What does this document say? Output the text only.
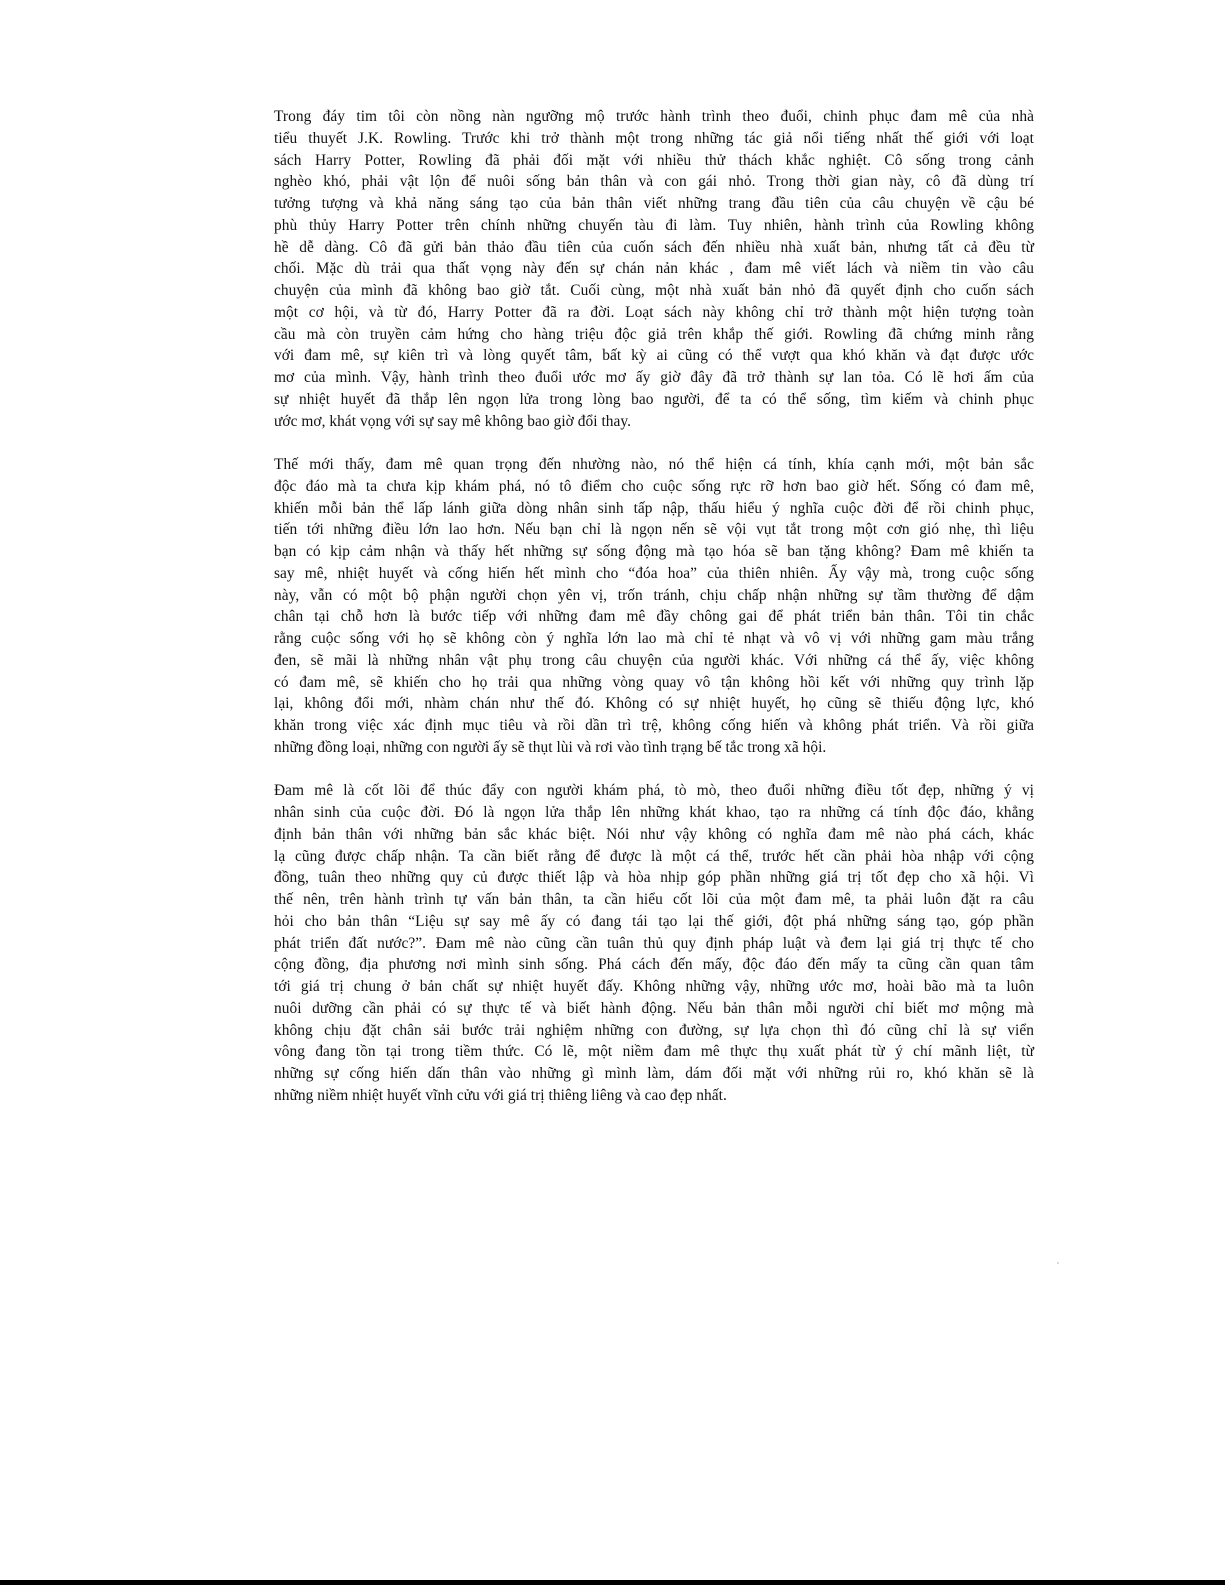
Trong đáy tim tôi còn nồng nàn ngưỡng mộ trước hành trình theo đuổi, chinh phục đam mê của nhà
tiểu thuyết J.K. Rowling. Trước khi trở thành một trong những tác giả nổi tiếng nhất thế giới với loạt
sách Harry Potter, Rowling đã phải đối mặt với nhiều thử thách khắc nghiệt. Cô sống trong cảnh
nghèo khó, phải vật lộn để nuôi sống bản thân và con gái nhỏ. Trong thời gian này, cô đã dùng trí
tưởng tượng và khả năng sáng tạo của bản thân viết những trang đầu tiên của câu chuyện về cậu bé
phù thủy Harry Potter trên chính những chuyến tàu đi làm. Tuy nhiên, hành trình của Rowling không
hề dễ dàng. Cô đã gửi bản thảo đầu tiên của cuốn sách đến nhiều nhà xuất bản, nhưng tất cả đều từ
chối. Mặc dù trải qua thất vọng này đến sự chán nản khác , đam mê viết lách và niềm tin vào câu
chuyện của mình đã không bao giờ tắt. Cuối cùng, một nhà xuất bản nhỏ đã quyết định cho cuốn sách
một cơ hội, và từ đó, Harry Potter đã ra đời. Loạt sách này không chỉ trở thành một hiện tượng toàn
cầu mà còn truyền cảm hứng cho hàng triệu độc giả trên khắp thế giới. Rowling đã chứng minh rằng
với đam mê, sự kiên trì và lòng quyết tâm, bất kỳ ai cũng có thể vượt qua khó khăn và đạt được ước
mơ của mình. Vậy, hành trình theo đuổi ước mơ ấy giờ đây đã trở thành sự lan tỏa. Có lẽ hơi ấm của
sự nhiệt huyết đã thắp lên ngọn lửa trong lòng bao người, để ta có thể sống, tìm kiếm và chinh phục
ước mơ, khát vọng với sự say mê không bao giờ đổi thay.

Thế mới thấy, đam mê quan trọng đến nhường nào, nó thể hiện cá tính, khía cạnh mới, một bản sắc
độc đáo mà ta chưa kịp khám phá, nó tô điểm cho cuộc sống rực rỡ hơn bao giờ hết. Sống có đam mê,
khiến mỗi bản thể lấp lánh giữa dòng nhân sinh tấp nập, thấu hiểu ý nghĩa cuộc đời để rồi chinh phục,
tiến tới những điều lớn lao hơn. Nếu bạn chỉ là ngọn nến sẽ vội vụt tắt trong một cơn gió nhẹ, thì liệu
bạn có kịp cảm nhận và thấy hết những sự sống động mà tạo hóa sẽ ban tặng không? Đam mê khiến ta
say mê, nhiệt huyết và cống hiến hết mình cho “đóa hoa” của thiên nhiên. Ấy vậy mà, trong cuộc sống
này, vẫn có một bộ phận người chọn yên vị, trốn tránh, chịu chấp nhận những sự tầm thường để dậm
chân tại chỗ hơn là bước tiếp với những đam mê đầy chông gai để phát triển bản thân. Tôi tin chắc
rằng cuộc sống với họ sẽ không còn ý nghĩa lớn lao mà chỉ tẻ nhạt và vô vị với những gam màu trắng
đen, sẽ mãi là những nhân vật phụ trong câu chuyện của người khác. Với những cá thể ấy, việc không
có đam mê, sẽ khiến cho họ trải qua những vòng quay vô tận không hồi kết với những quy trình lặp
lại, không đổi mới, nhàm chán như thế đó. Không có sự nhiệt huyết, họ cũng sẽ thiếu động lực, khó
khăn trong việc xác định mục tiêu và rồi dần trì trệ, không cống hiến và không phát triển. Và rồi giữa
những đồng loại, những con người ấy sẽ thụt lùi và rơi vào tình trạng bế tắc trong xã hội.

Đam mê là cốt lõi để thúc đẩy con người khám phá, tò mò, theo đuổi những điều tốt đẹp, những ý vị
nhân sinh của cuộc đời. Đó là ngọn lửa thắp lên những khát khao, tạo ra những cá tính độc đáo, khẳng
định bản thân với những bản sắc khác biệt. Nói như vậy không có nghĩa đam mê nào phá cách, khác
lạ cũng được chấp nhận. Ta cần biết rằng để được là một cá thể, trước hết cần phải hòa nhập với cộng
đồng, tuân theo những quy củ được thiết lập và hòa nhịp góp phần những giá trị tốt đẹp cho xã hội. Vì
thế nên, trên hành trình tự vấn bản thân, ta cần hiểu cốt lõi của một đam mê, ta phải luôn đặt ra câu
hỏi cho bản thân “Liệu sự say mê ấy có đang tái tạo lại thế giới, đột phá những sáng tạo, góp phần
phát triển đất nước?”. Đam mê nào cũng cần tuân thủ quy định pháp luật và đem lại giá trị thực tế cho
cộng đồng, địa phương nơi mình sinh sống. Phá cách đến mấy, độc đáo đến mấy ta cũng cần quan tâm
tới giá trị chung ở bản chất sự nhiệt huyết đấy. Không những vậy, những ước mơ, hoài bão mà ta luôn
nuôi dưỡng cần phải có sự thực tế và biết hành động. Nếu bản thân mỗi người chỉ biết mơ mộng mà
không chịu đặt chân sải bước trải nghiệm những con đường, sự lựa chọn thì đó cũng chỉ là sự viển
vông đang tồn tại trong tiềm thức. Có lẽ, một niềm đam mê thực thụ xuất phát từ ý chí mãnh liệt, từ
những sự cống hiến dấn thân vào những gì mình làm, dám đối mặt với những rủi ro, khó khăn sẽ là
những niềm nhiệt huyết vĩnh cửu với giá trị thiêng liêng và cao đẹp nhất.
